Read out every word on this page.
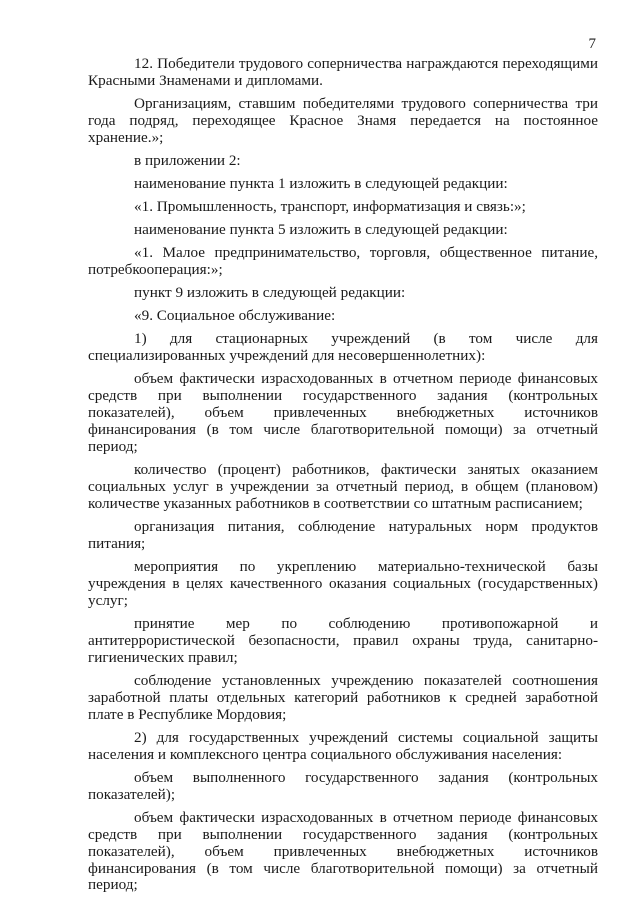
7

12. Победители трудового соперничества награждаются переходящими Красными Знаменами и дипломами.

Организациям, ставшим победителями трудового соперничества три года подряд, переходящее Красное Знамя передается на постоянное хранение.»;

в приложении 2:

наименование пункта 1 изложить в следующей редакции:

«1. Промышленность, транспорт, информатизация и связь:»;

наименование пункта 5 изложить в следующей редакции:

«1. Малое предпринимательство, торговля, общественное питание, потребкооперация:»;

пункт 9 изложить в следующей редакции:

«9. Социальное обслуживание:

1) для стационарных учреждений (в том числе для специализированных учреждений для несовершеннолетних):

объем фактически израсходованных в отчетном периоде финансовых средств при выполнении государственного задания (контрольных показателей), объем привлеченных внебюджетных источников финансирования (в том числе благотворительной помощи) за отчетный период;

количество (процент) работников, фактически занятых оказанием социальных услуг в учреждении за отчетный период, в общем (плановом) количестве указанных работников в соответствии со штатным расписанием;

организация питания, соблюдение натуральных норм продуктов питания;

мероприятия по укреплению материально-технической базы учреждения в целях качественного оказания социальных (государственных) услуг;

принятие мер по соблюдению противопожарной и антитеррористической безопасности, правил охраны труда, санитарно-гигиенических правил;

соблюдение установленных учреждению показателей соотношения заработной платы отдельных категорий работников к средней заработной плате в Республике Мордовия;

2) для государственных учреждений системы социальной защиты населения и комплексного центра социального обслуживания населения:

объем выполненного государственного задания (контрольных показателей);

объем фактически израсходованных в отчетном периоде финансовых средств при выполнении государственного задания (контрольных показателей), объем привлеченных внебюджетных источников финансирования (в том числе благотворительной помощи) за отчетный период;
